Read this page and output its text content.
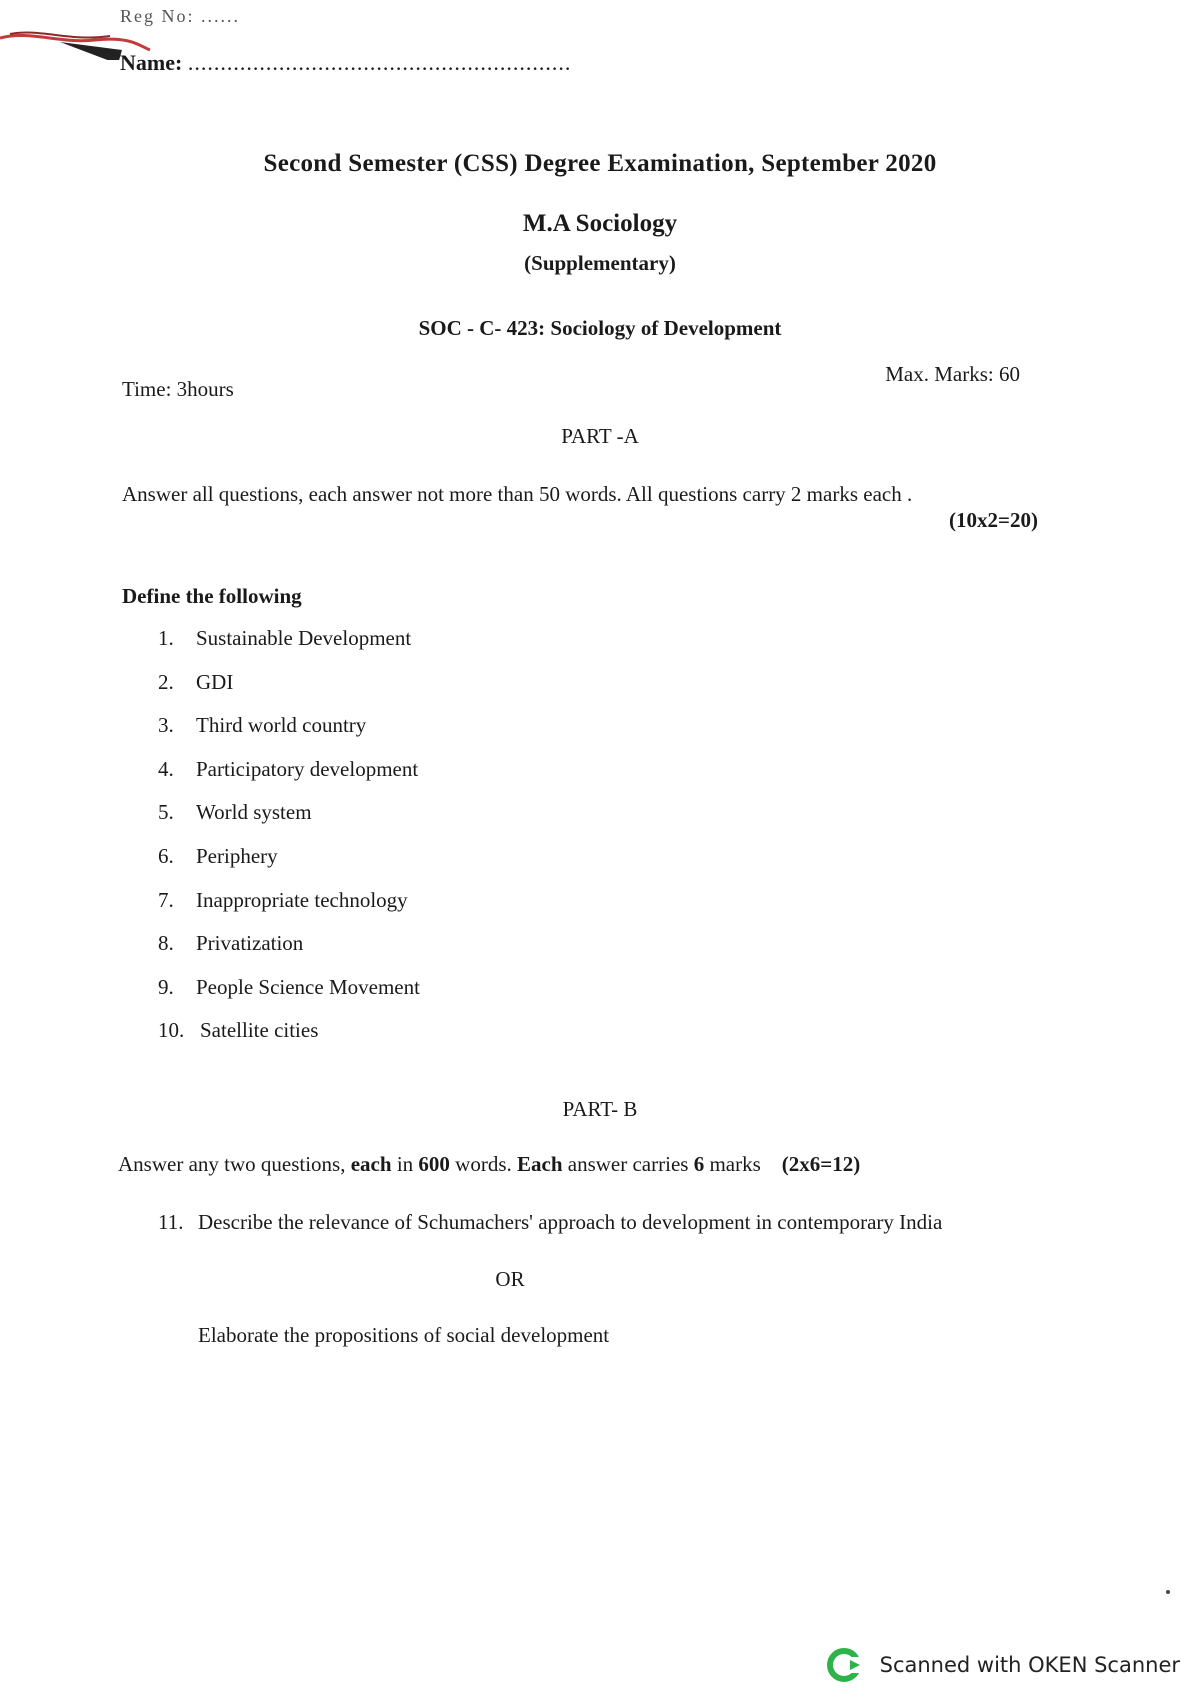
Reg No: ......
Name: ...........................................................
Second Semester (CSS) Degree Examination, September 2020
M.A Sociology
(Supplementary)
SOC - C- 423: Sociology of Development
Time: 3hours
Max. Marks: 60
PART -A
Answer all questions, each answer not more than 50 words. All questions carry 2 marks each .
(10x2=20)
Define the following
1.	Sustainable Development
2.	GDI
3.	Third world country
4.	Participatory development
5.	World system
6.	Periphery
7.	Inappropriate technology
8.	Privatization
9.	People Science Movement
10. Satellite cities
PART- B
Answer any two questions, each in 600 words. Each answer carries 6 marks (2x6=12)
11. Describe the relevance of Schumachers' approach to development in contemporary India
OR
Elaborate the propositions of social development
Scanned with OKEN Scanner
